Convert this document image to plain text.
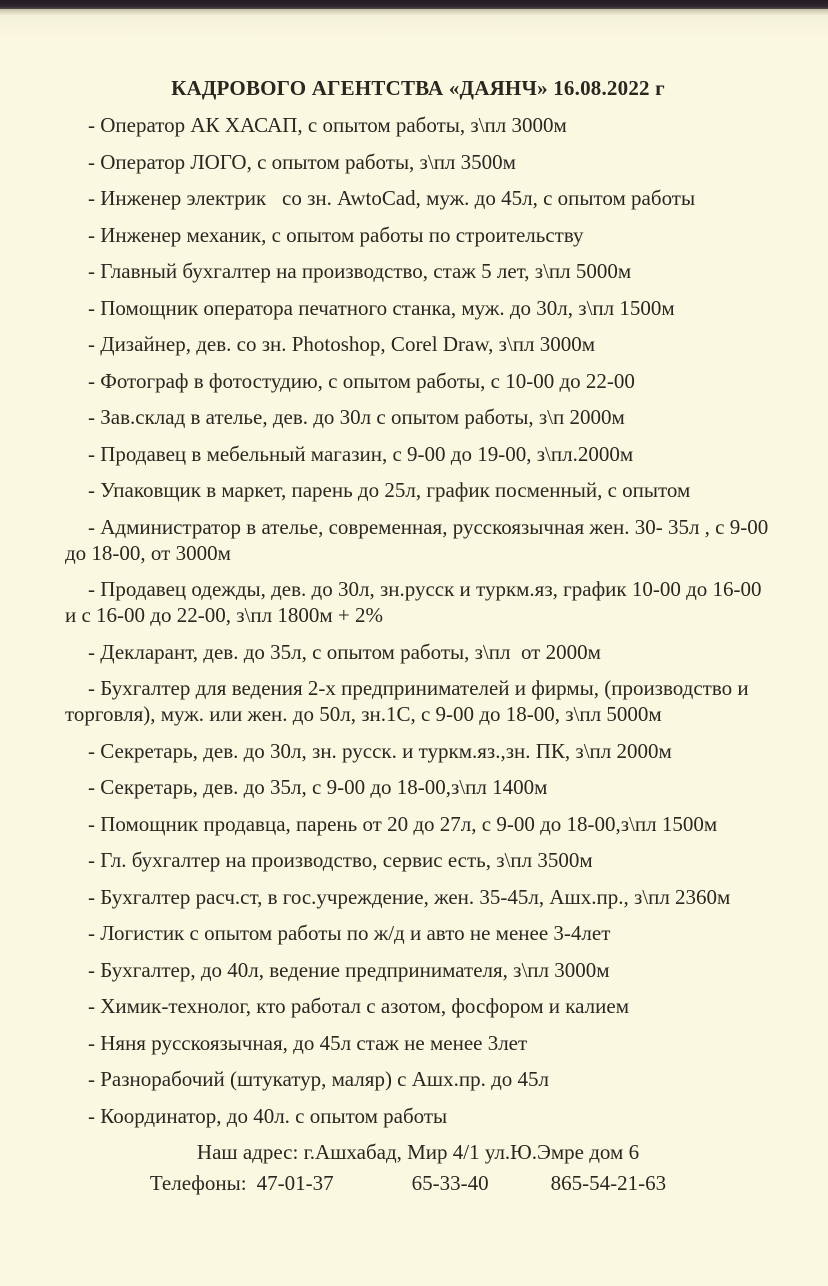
КАДРОВОГО АГЕНТСТВА «ДАЯНЧ» 16.08.2022 г

- Оператор АК ХАСАП, с опытом работы, з\пл 3000м

- Оператор ЛОГО, с опытом работы, з\пл 3500м

- Инженер электрик   со зн. AwtoCad, муж. до 45л, с опытом работы

- Инженер механик, с опытом работы по строительству

- Главный бухгалтер на производство, стаж 5 лет, з\пл 5000м

- Помощник оператора печатного станка, муж. до 30л, з\пл 1500м

- Дизайнер, дев. со зн. Photoshop, Corel Draw, з\пл 3000м

- Фотограф в фотостудию, с опытом работы, с 10-00 до 22-00

- Зав.склад в ателье, дев. до 30л с опытом работы, з\п 2000м

- Продавец в мебельный магазин, с 9-00 до 19-00, з\пл.2000м

- Упаковщик в маркет, парень до 25л, график посменный, с опытом

- Администратор в ателье, современная, русскоязычная жен. 30- 35л , с 9-00 до 18-00, от 3000м

- Продавец одежды, дев. до 30л, зн.русск и туркм.яз, график 10-00 до 16-00 и с 16-00 до 22-00, з\пл 1800м + 2%

- Декларант, дев. до 35л, с опытом работы, з\пл  от 2000м

- Бухгалтер для ведения 2-х предпринимателей и фирмы, (производство и торговля), муж. или жен. до 50л, зн.1С, с 9-00 до 18-00, з\пл 5000м

- Секретарь, дев. до 30л, зн. русск. и туркм.яз.,зн. ПК, з\пл 2000м

- Секретарь, дев. до 35л, с 9-00 до 18-00,з\пл 1400м

- Помощник продавца, парень от 20 до 27л, с 9-00 до 18-00,з\пл 1500м

- Гл. бухгалтер на производство, сервис есть, з\пл 3500м

- Бухгалтер расч.ст, в гос.учреждение, жен. 35-45л, Ашх.пр., з\пл 2360м

- Логистик с опытом работы по ж/д и авто не менее 3-4лет

- Бухгалтер, до 40л, ведение предпринимателя, з\пл 3000м

- Химик-технолог, кто работал с азотом, фосфором и калием

- Няня русскоязычная, до 45л стаж не менее 3лет

- Разнорабочий (штукатур, маляр) с Ашх.пр. до 45л

- Координатор, до 40л. с опытом работы

Наш адрес: г.Ашхабад, Мир 4/1 ул.Ю.Эмре дом 6

Телефоны: 47-01-37	65-33-40	865-54-21-63
